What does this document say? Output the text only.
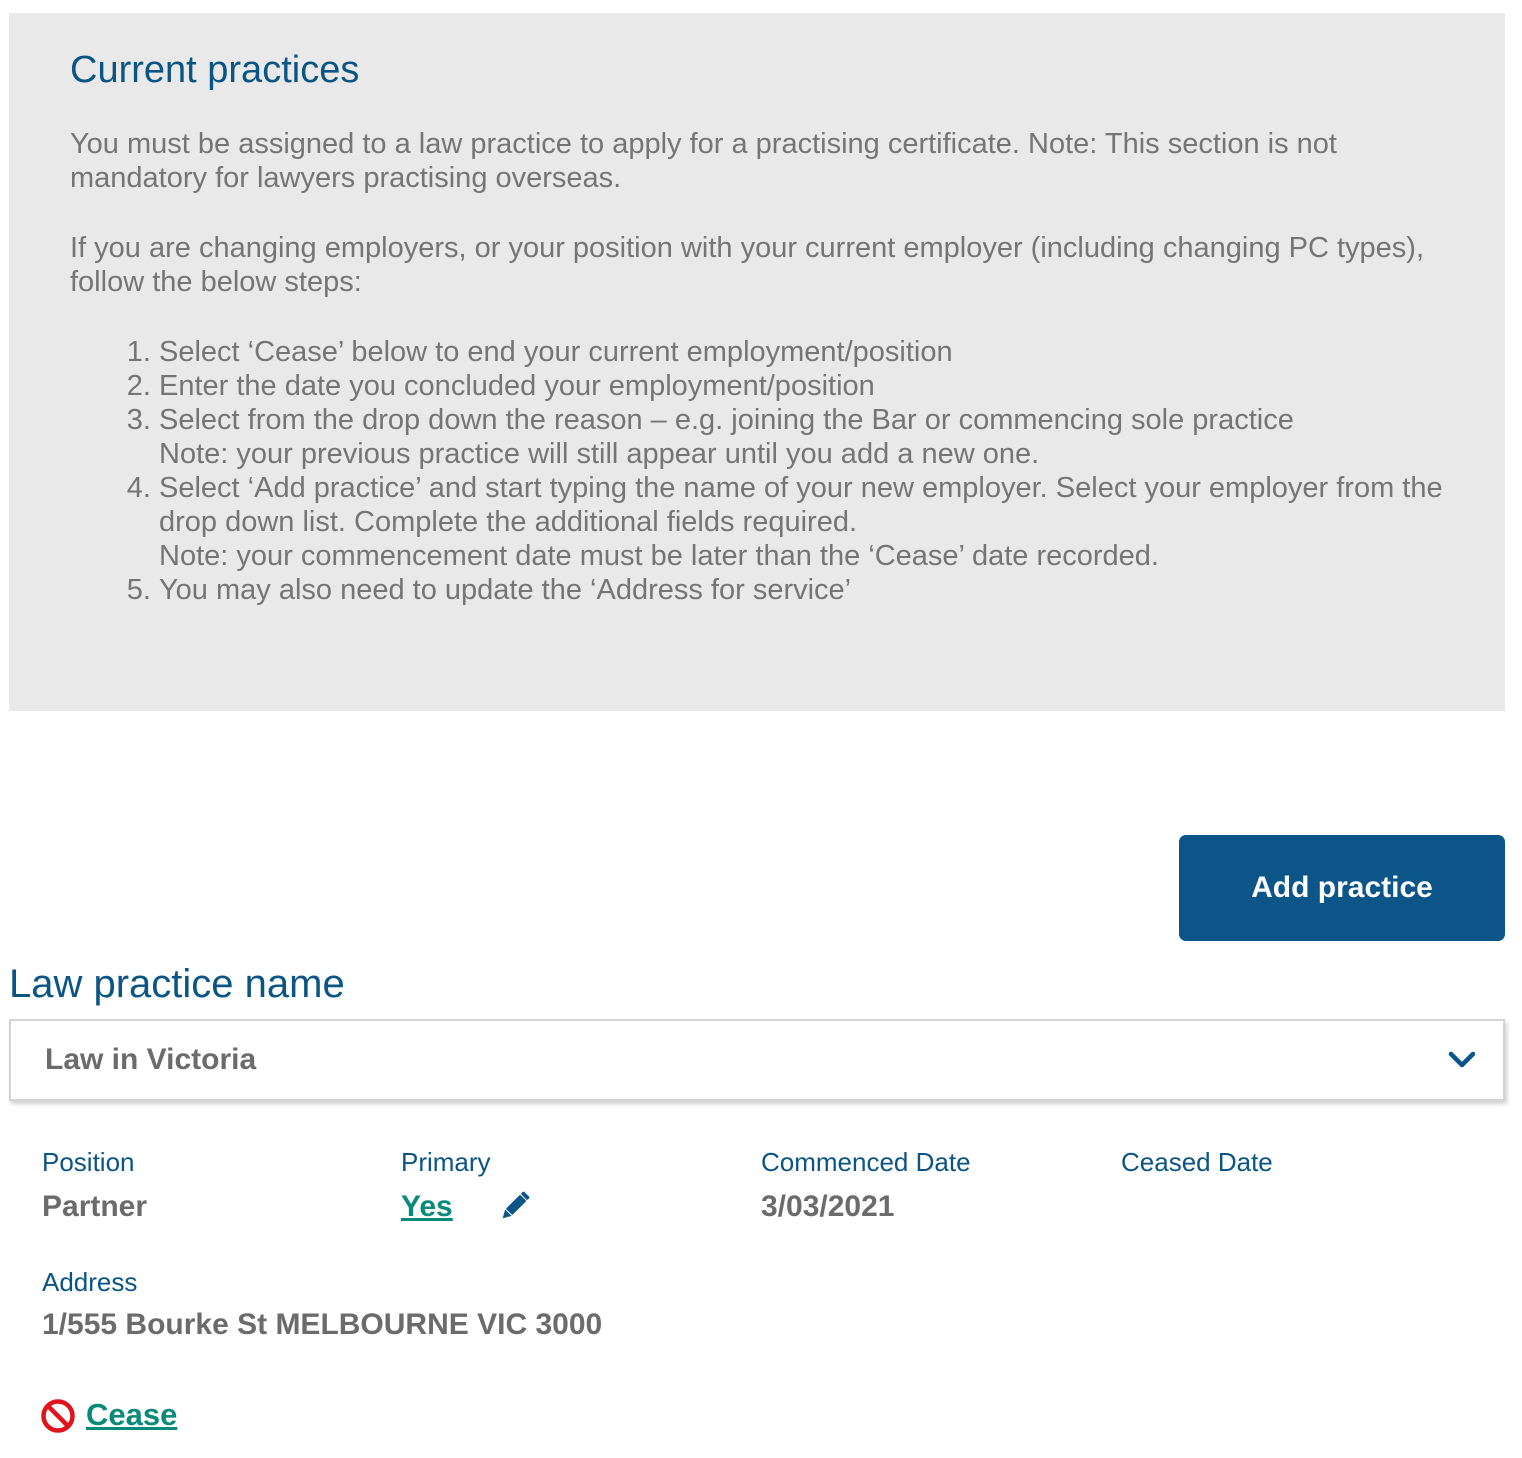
Current practices

You must be assigned to a law practice to apply for a practising certificate. Note: This section is not mandatory for lawyers practising overseas.

If you are changing employers, or your position with your current employer (including changing PC types), follow the below steps:

1. Select ‘Cease’ below to end your current employment/position
2. Enter the date you concluded your employment/position
3. Select from the drop down the reason – e.g. joining the Bar or commencing sole practice
Note: your previous practice will still appear until you add a new one.
4. Select ‘Add practice’ and start typing the name of your new employer. Select your employer from the drop down list. Complete the additional fields required.
Note: your commencement date must be later than the ‘Cease’ date recorded.
5. You may also need to update the ‘Address for service’
Add practice
Law practice name
Law in Victoria
Position
Partner
Primary
Yes
Commenced Date
3/03/2021
Ceased Date
Address
1/555 Bourke St MELBOURNE VIC 3000
Cease
